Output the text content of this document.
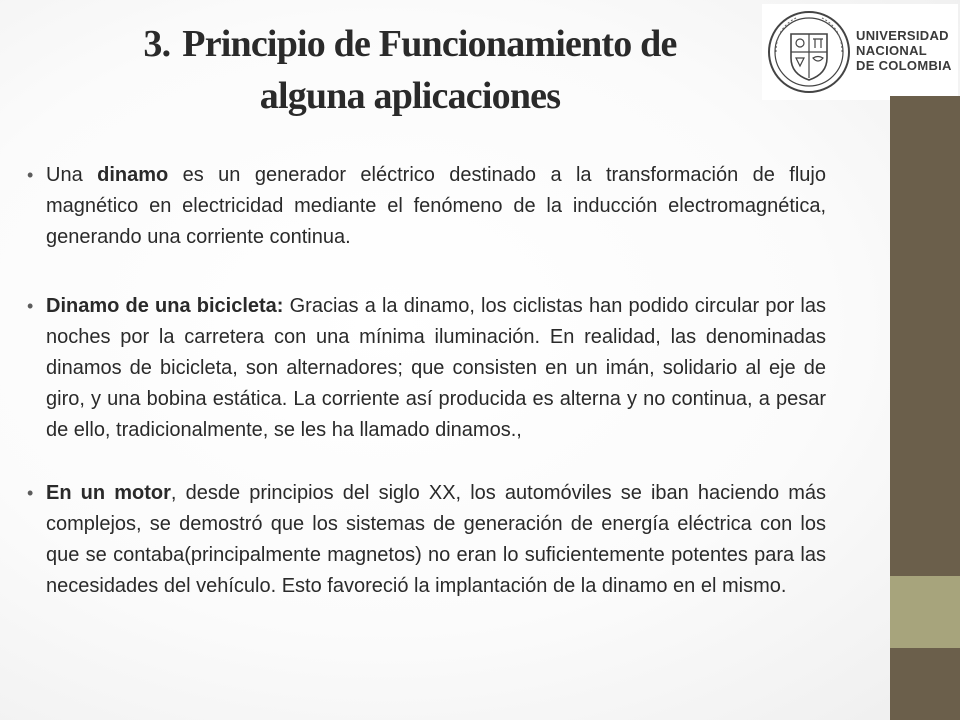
3. Principio de Funcionamiento de
alguna aplicaciones
UNIVERSIDAD
NACIONAL
DE COLOMBIA
• Una dinamo es un generador eléctrico destinado a la transformación de flujo magnético en electricidad mediante el fenómeno de la inducción electromagnética, generando una corriente continua.
• Dinamo de una bicicleta: Gracias a la dinamo, los ciclistas han podido circular por las noches por la carretera con una mínima iluminación. En realidad, las denominadas dinamos de bicicleta, son alternadores; que consisten en un imán, solidario al eje de giro, y una bobina estática. La corriente así producida es alterna y no continua, a pesar de ello, tradicionalmente, se les ha llamado dinamos.,
• En un motor, desde principios del siglo XX, los automóviles se iban haciendo más complejos, se demostró que los sistemas de generación de energía eléctrica con los que se contaba(principalmente magnetos) no eran lo suficientemente potentes para las necesidades del vehículo. Esto favoreció la implantación de la dinamo en el mismo.
